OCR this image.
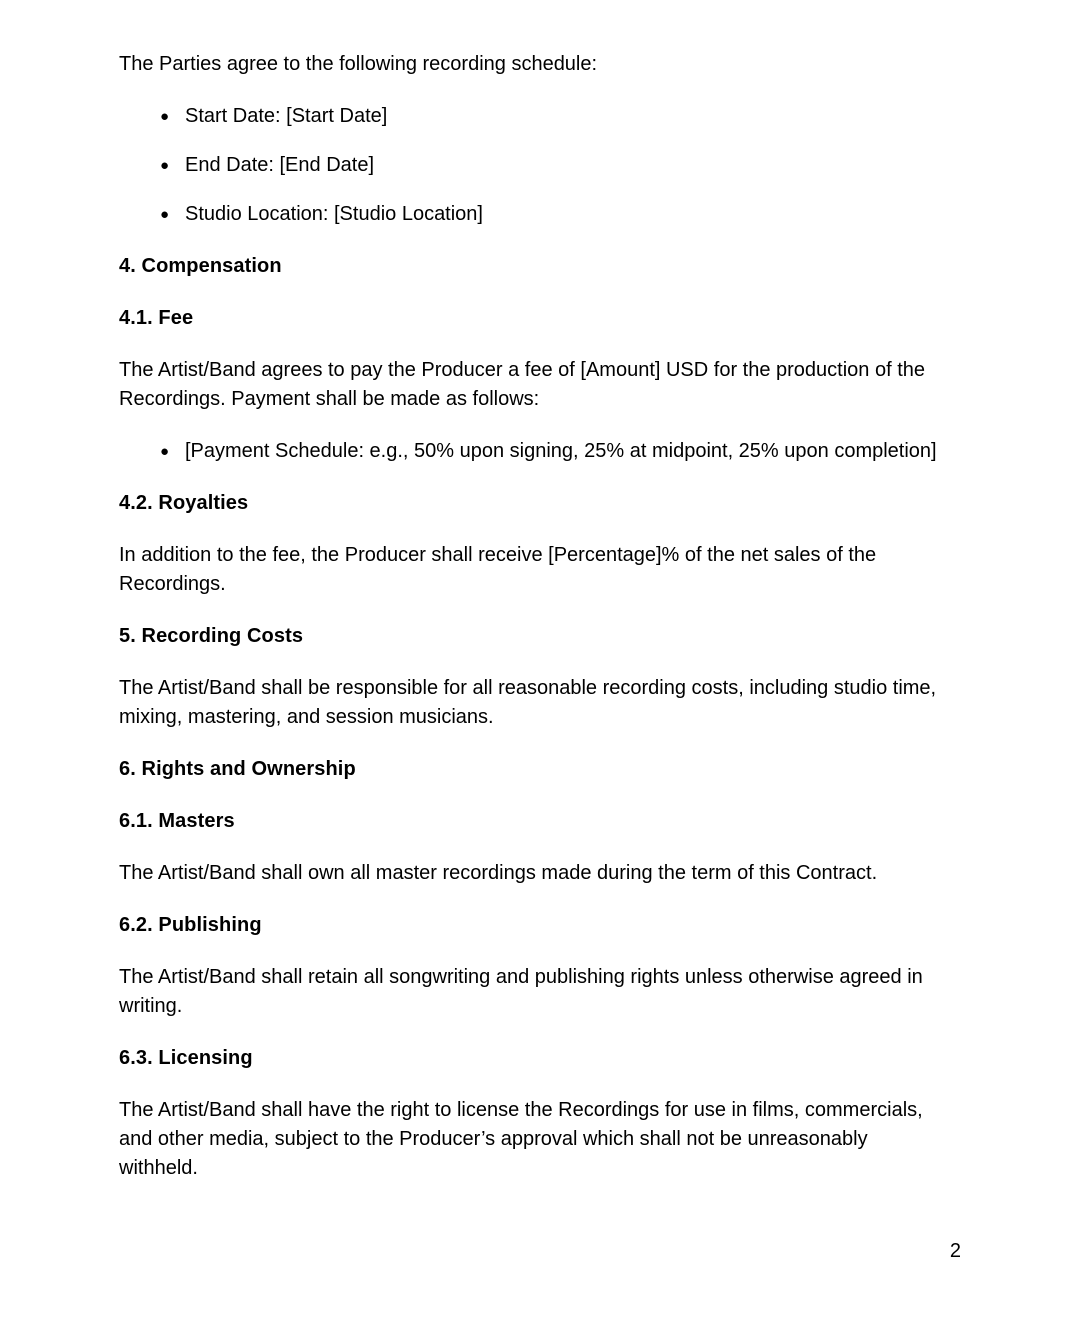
The Parties agree to the following recording schedule:

● Start Date: [Start Date]
● End Date: [End Date]
● Studio Location: [Studio Location]
4. Compensation
4.1. Fee

The Artist/Band agrees to pay the Producer a fee of [Amount] USD for the production of the Recordings. Payment shall be made as follows:

● [Payment Schedule: e.g., 50% upon signing, 25% at midpoint, 25% upon completion]
4.2. Royalties

In addition to the fee, the Producer shall receive [Percentage]% of the net sales of the Recordings.

5. Recording Costs

The Artist/Band shall be responsible for all reasonable recording costs, including studio time, mixing, mastering, and session musicians.

6. Rights and Ownership
6.1. Masters

The Artist/Band shall own all master recordings made during the term of this Contract.

6.2. Publishing

The Artist/Band shall retain all songwriting and publishing rights unless otherwise agreed in writing.

6.3. Licensing

The Artist/Band shall have the right to license the Recordings for use in films, commercials, and other media, subject to the Producer’s approval which shall not be unreasonably withheld.

2
